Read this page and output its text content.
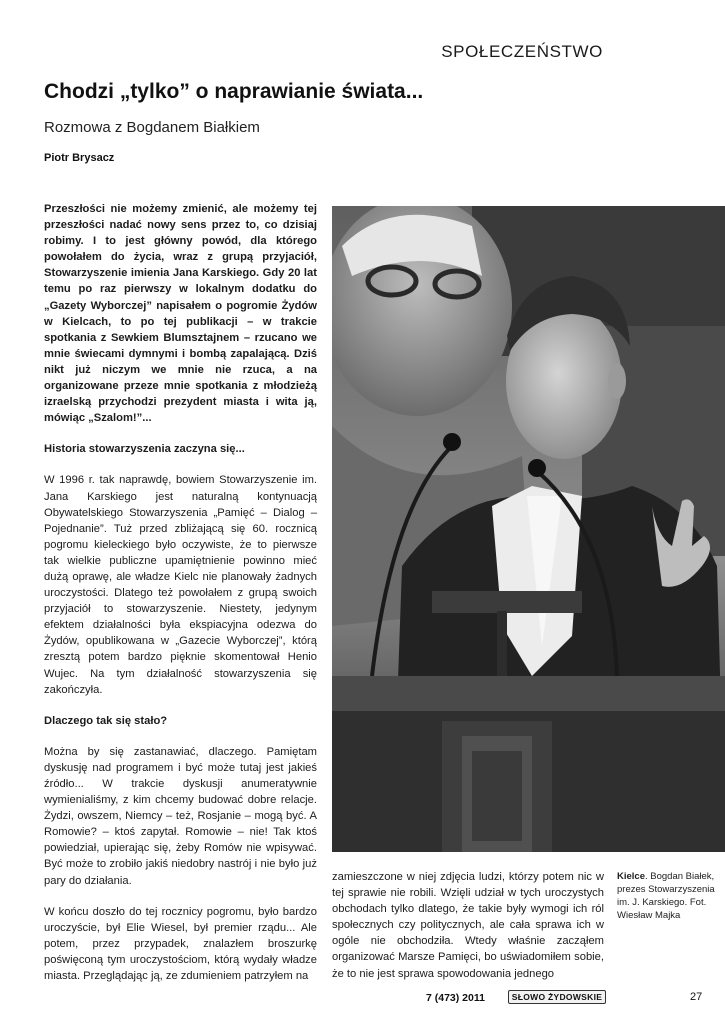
SPOŁECZEŃSTWO
Chodzi „tylko” o naprawianie świata...
Rozmowa z Bogdanem Białkiem
Piotr Brysacz

Przeszłości nie możemy zmienić, ale możemy tej przeszłości nadać nowy sens przez to, co dzisiaj robimy. I to jest główny powód, dla którego powołałem do życia, wraz z grupą przyjaciół, Stowarzyszenie imienia Jana Karskiego. Gdy 20 lat temu po raz pierwszy w lokalnym dodatku do „Gazety Wyborczej” napisałem o pogromie Żydów w Kielcach, to po tej publikacji – w trakcie spotkania z Sewkiem Blumsztajnem – rzucano we mnie świecami dymnymi i bombą zapalającą. Dziś nikt już niczym we mnie nie rzuca, a na organizowane przeze mnie spotkania z młodzieżą izraelską przychodzi prezydent miasta i wita ją, mówiąc „Szalom!”...

Historia stowarzyszenia zaczyna się...

W 1996 r. tak naprawdę, bowiem Stowarzyszenie im. Jana Karskiego jest naturalną kontynuacją Obywatelskiego Stowarzyszenia „Pamięć – Dialog – Pojednanie”. Tuż przed zbliżającą się 60. rocznicą pogromu kieleckiego było oczywiste, że to pierwsze tak wielkie publiczne upamiętnienie powinno mieć dużą oprawę, ale władze Kielc nie planowały żadnych uroczystości. Dlatego też powołałem z grupą swoich przyjaciół to stowarzyszenie. Niestety, jedynym efektem działalności była ekspiacyjna odezwa do Żydów, opublikowana w „Gazecie Wyborczej”, którą zresztą potem bardzo pięknie skomentował Henio Wujec. Na tym działalność stowarzyszenia się zakończyła.

Dlaczego tak się stało?

Można by się zastanawiać, dlaczego. Pamiętam dyskusję nad programem i być może tutaj jest jakieś źródło... W trakcie dyskusji anumeratywnie wymienialiśmy, z kim chcemy budować dobre relacje. Żydzi, owszem, Niemcy – też, Rosjanie – mogą być. A Romowie? – ktoś zapytał. Romowie – nie! Tak ktoś powiedział, upierając się, żeby Romów nie wpisywać. Być może to zrobiło jakiś niedobry nastrój i nie było już pary do działania.

W końcu doszło do tej rocznicy pogromu, było bardzo uroczyście, był Elie Wiesel, był premier rządu... Ale potem, przez przypadek, znalazłem broszurkę poświęconą tym uroczystościom, którą wydały władze miasta. Przeglądając ją, ze zdumieniem patrzyłem na

zamieszczone w niej zdjęcia ludzi, którzy potem nic w tej sprawie nie robili. Wzięli udział w tych uroczystych obchodach tylko dlatego, że takie były wymogi ich ról społecznych czy politycznych, ale cała sprawa ich w ogóle nie obchodziła. Wtedy właśnie zacząłem organizować Marsze Pamięci, bo uświadomiłem sobie, że to nie jest sprawa spowodowania jednego

Kielce. Bogdan Białek, prezes Stowarzyszenia im. J. Karskiego. Fot. Wiesław Majka
7 (473) 2011	SŁOWO ŻYDOWSKIE	27
